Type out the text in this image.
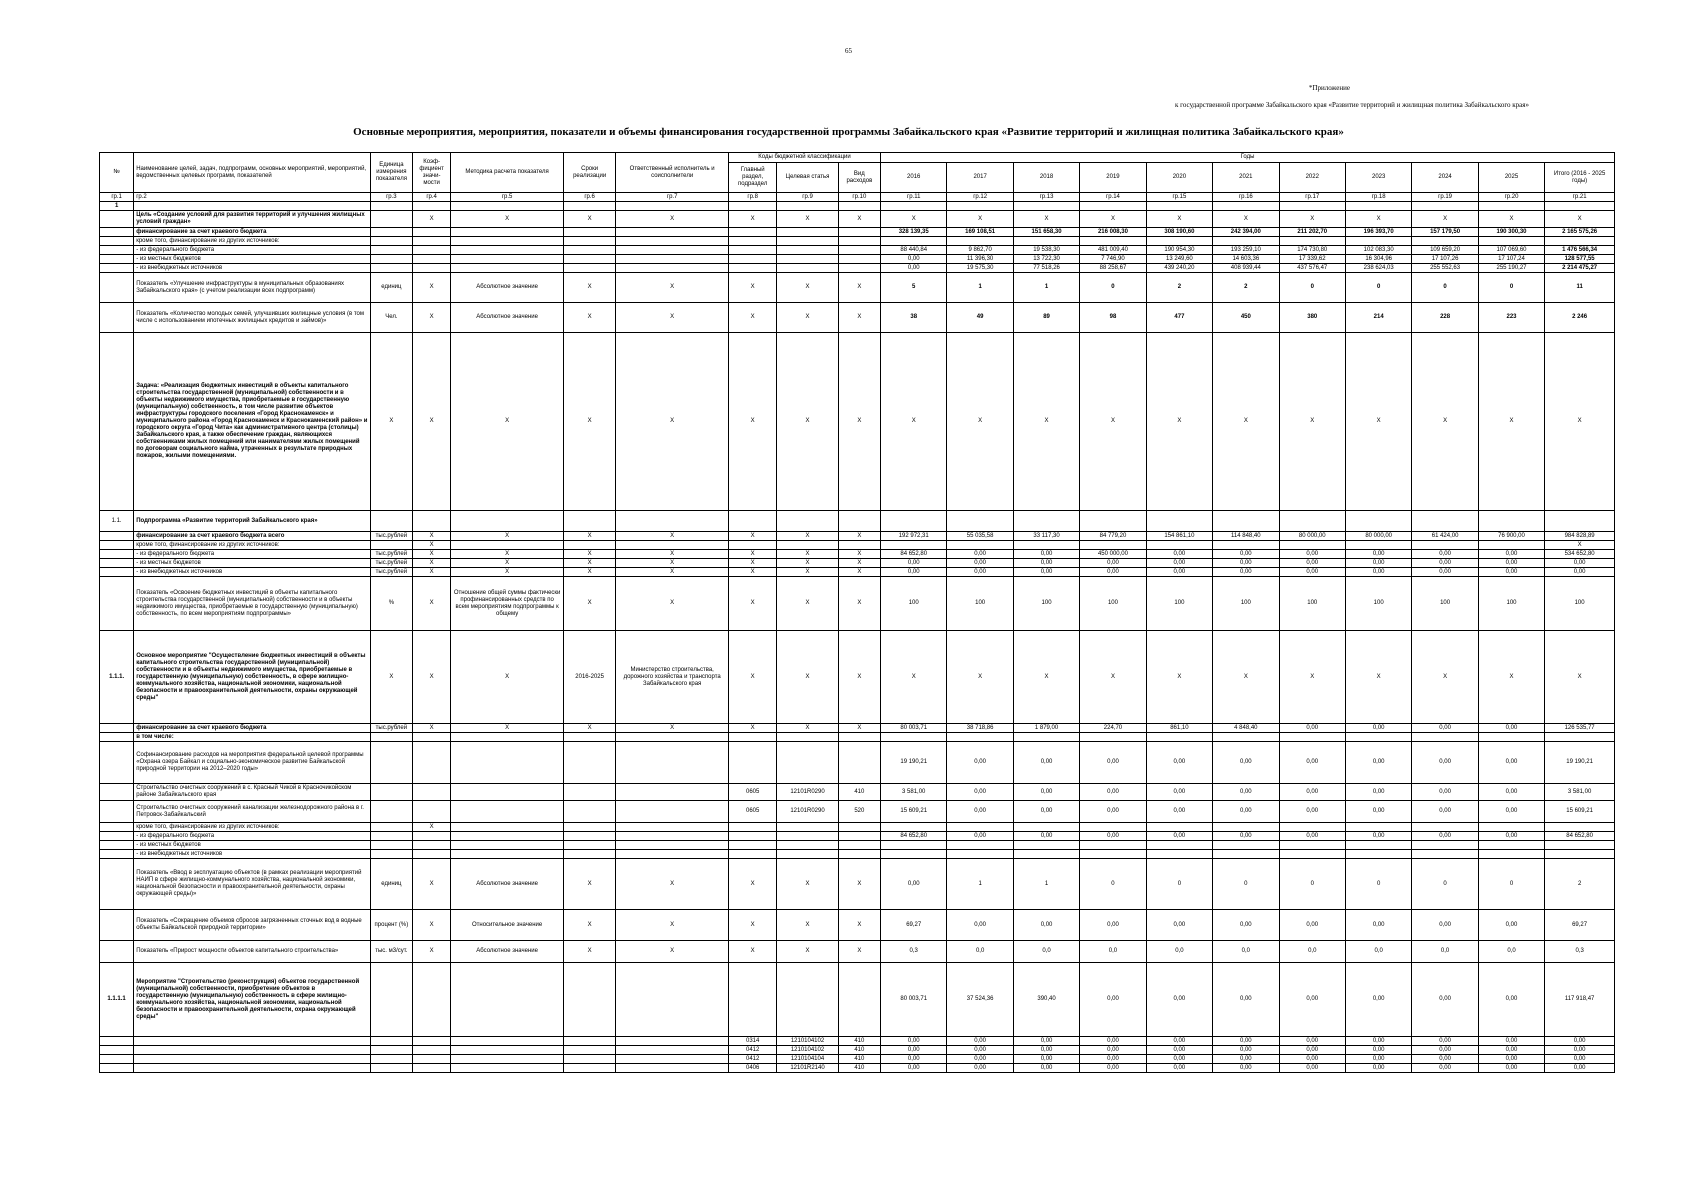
65
*Приложение
к государственной программе Забайкальского края «Развитие территорий и жилищная политика Забайкальского края»
Основные мероприятия, мероприятия, показатели и объемы финансирования государственной программы Забайкальского края «Развитие территорий и жилищная политика Забайкальского края»
№	Наименование целей, задач, подпрограмм, основных мероприятий, мероприятий, ведомственных целевых программ, показателей	Единица измерения показателя	Коэф-фициент значи-мости	Методика расчета показателя	Сроки реализации	Ответственный исполнитель и соисполнители	Коды бюджетной классификации			Годы										
							Главный раздел, подраздел	Целевая статья	Вид расходов	2016	2017	2018	2019	2020	2021	2022	2023	2024	2025	Итого (2016 - 2025 годы)
гр.1	гр.2	гр.3	гр.4	гр.5	гр.6	гр.7	гр.8	гр.9	гр.10	гр.11	гр.12	гр.13	гр.14	гр.15	гр.16	гр.17	гр.18	гр.19	гр.20	гр.21
1																				
	Цель «Создание условий для развития территорий и улучшения жилищных условий граждан»		Х	Х	Х	Х	Х	Х	Х	Х	Х	Х	Х	Х	Х	Х	Х	Х	Х	Х
	финансирование за счет краевого бюджета									328 139,35	169 108,51	151 658,30	216 008,30	308 190,60	242 394,00	211 202,70	196 393,70	157 179,50	190 300,30	2 165 575,26
	кроме того, финансирование из других источников:																			
	- из федерального бюджета									88 440,84	9 862,70	19 538,30	481 009,40	190 954,30	193 259,10	174 730,80	102 083,30	109 659,20	107 069,60	1 476 566,34
	- из местных бюджетов									0,00	11 396,30	13 722,30	7 746,90	13 249,60	14 603,36	17 339,62	16 304,96	17 107,26	17 107,24	128 577,55
	- из внебюджетных источников									0,00	19 575,30	77 518,26	88 258,67	439 240,20	408 939,44	437 576,47	238 624,03	255 552,63	255 190,27	2 214 475,27
	Показатель «Улучшение инфраструктуры в муниципальных образованиях Забайкальского края» (с учетом реализации всех подпрограмм)	единиц	Х	Абсолютное значение	Х	Х	Х	Х	Х	5	1	1	0	2	2	0	0	0	0	11
	Показатель «Количество молодых семей, улучшивших жилищные условия (в том числе с использованием ипотечных жилищных кредитов и займов)»	Чел.	Х	Абсолютное значение	Х	Х	Х	Х	Х	38	49	89	98	477	450	380	214	228	223	2 246
	Задача: «Реализация бюджетных инвестиций в объекты капитального строительства государственной (муниципальной) собственности и в объекты недвижимого имущества, приобретаемые в государственную (муниципальную) собственность, в том числе развитие объектов инфраструктуры городского поселения «Город Краснокаменск» и муниципального района «Город Краснокаменск и Краснокаменский район» и городского округа «Город Чита» как административного центра (столицы) Забайкальского края, а также обеспечение граждан, являющихся собственниками жилых помещений или нанимателями жилых помещений по договорам социального найма, утраченных в результате природных пожаров, жилыми помещениями.	Х	Х	Х	Х	Х	Х	Х	Х	Х	Х	Х	Х	Х	Х	Х	Х	Х	Х	Х
1.1.	Подпрограмма «Развитие территорий Забайкальского края»																			
	финансирование за счет краевого бюджета всего	тыс.рублей	Х	Х	Х	Х	Х	Х	Х	192 972,31	55 035,58	33 117,30	84 779,20	154 861,10	114 848,40	80 000,00	80 000,00	61 424,00	76 900,00	984 828,89
	кроме того, финансирование из других источников:		Х																	Х
	- из федерального бюджета	тыс.рублей	Х	Х	Х	Х	Х	Х	Х	84 652,80	0,00	0,00	450 000,00	0,00	0,00	0,00	0,00	0,00	0,00	534 652,80
	- из местных бюджетов	тыс.рублей	Х	Х	Х	Х	Х	Х	Х	0,00	0,00	0,00	0,00	0,00	0,00	0,00	0,00	0,00	0,00	0,00
	- из внебюджетных источников	тыс.рублей	Х	Х	Х	Х	Х	Х	Х	0,00	0,00	0,00	0,00	0,00	0,00	0,00	0,00	0,00	0,00	0,00
	Показатель «Освоение бюджетных инвестиций в объекты капитального строительства государственной (муниципальной) собственности и в объекты недвижимого имущества, приобретаемые в государственную (муниципальную) собственность, по всем мероприятиям подпрограммы»	%	Х	Отношение общей суммы фактически профинансированных средств по всем мероприятиям подпрограммы к общему	Х	Х	Х	Х	Х	100	100	100	100	100	100	100	100	100	100	100
1.1.1.	Основное мероприятие "Осуществление бюджетных инвестиций в объекты капитального строительства государственной (муниципальной) собственности и в объекты недвижимого имущества, приобретаемые в государственную (муниципальную) собственность, в сфере жилищно-коммунального хозяйства, национальной экономики, национальной безопасности и правоохранительной деятельности, охраны окружающей среды"	Х	Х	Х	2016-2025	Министерство строительства, дорожного хозяйства и транспорта Забайкальского края	Х	Х	Х	Х	Х	Х	Х	Х	Х	Х	Х	Х	Х	Х
	финансирование за счет краевого бюджета	тыс.рублей	Х	Х	Х	Х	Х	Х	Х	80 003,71	38 718,86	1 879,00	224,70	861,10	4 848,40	0,00	0,00	0,00	0,00	126 535,77
	в том числе:																			
	Софинансирование расходов на мероприятия федеральной целевой программы «Охрана озера Байкал и социально-экономическое развитие Байкальской природной территории на 2012–2020 годы»									19 190,21	0,00	0,00	0,00	0,00	0,00	0,00	0,00	0,00	0,00	19 190,21
	Строительство очистных сооружений в с. Красный Чикой в Красночикойском районе Забайкальского края						0605	12101R0290	410	3 581,00	0,00	0,00	0,00	0,00	0,00	0,00	0,00	0,00	0,00	3 581,00
	Строительство очистных сооружений канализации железнодорожного района в г. Петровск-Забайкальский						0605	12101R0290	520	15 609,21	0,00	0,00	0,00	0,00	0,00	0,00	0,00	0,00	0,00	15 609,21
	кроме того, финансирование из других источников:		Х																	
	- из федерального бюджета									84 652,80	0,00	0,00	0,00	0,00	0,00	0,00	0,00	0,00	0,00	84 652,80
	- из местных бюджетов																			
	- из внебюджетных источников																			
	Показатель «Ввод в эксплуатацию объектов (в рамках реализации мероприятий НАИП в сфере жилищно-коммунального хозяйства, национальной экономики, национальной безопасности и правоохранительной деятельности, охраны окружающей среды)»	единиц	Х	Абсолютное значение	Х	Х	Х	Х	Х	0,00	1	1	0	0	0	0	0	0	0	2
	Показатель «Сокращение объемов сбросов загрязненных сточных вод в водные объекты Байкальской природной территории»	процент (%)	Х	Относительное значение	Х	Х	Х	Х	Х	69,27	0,00	0,00	0,00	0,00	0,00	0,00	0,00	0,00	0,00	69,27
	Показатель «Прирост мощности объектов капитального строительства»	тыс. м3/сут.	Х	Абсолютное значение	Х	Х	Х	Х	Х	0,3	0,0	0,0	0,0	0,0	0,0	0,0	0,0	0,0	0,0	0,3
1.1.1.1	Мероприятие "Строительство (реконструкция) объектов государственной (муниципальной) собственности, приобретение объектов в государственную (муниципальную) собственность в сфере жилищно-коммунального хозяйства, национальной экономики, национальной безопасности и правоохранительной деятельности, охрана окружающей среды"									80 003,71	37 524,36	390,40	0,00	0,00	0,00	0,00	0,00	0,00	0,00	117 918,47
							0314	1210104102	410	0,00	0,00	0,00	0,00	0,00	0,00	0,00	0,00	0,00	0,00	0,00
							0412	1210104102	410	0,00	0,00	0,00	0,00	0,00	0,00	0,00	0,00	0,00	0,00	0,00
							0412	1210104104	410	0,00	0,00	0,00	0,00	0,00	0,00	0,00	0,00	0,00	0,00	0,00
							0406	12101R2140	410	0,00	0,00	0,00	0,00	0,00	0,00	0,00	0,00	0,00	0,00	0,00
